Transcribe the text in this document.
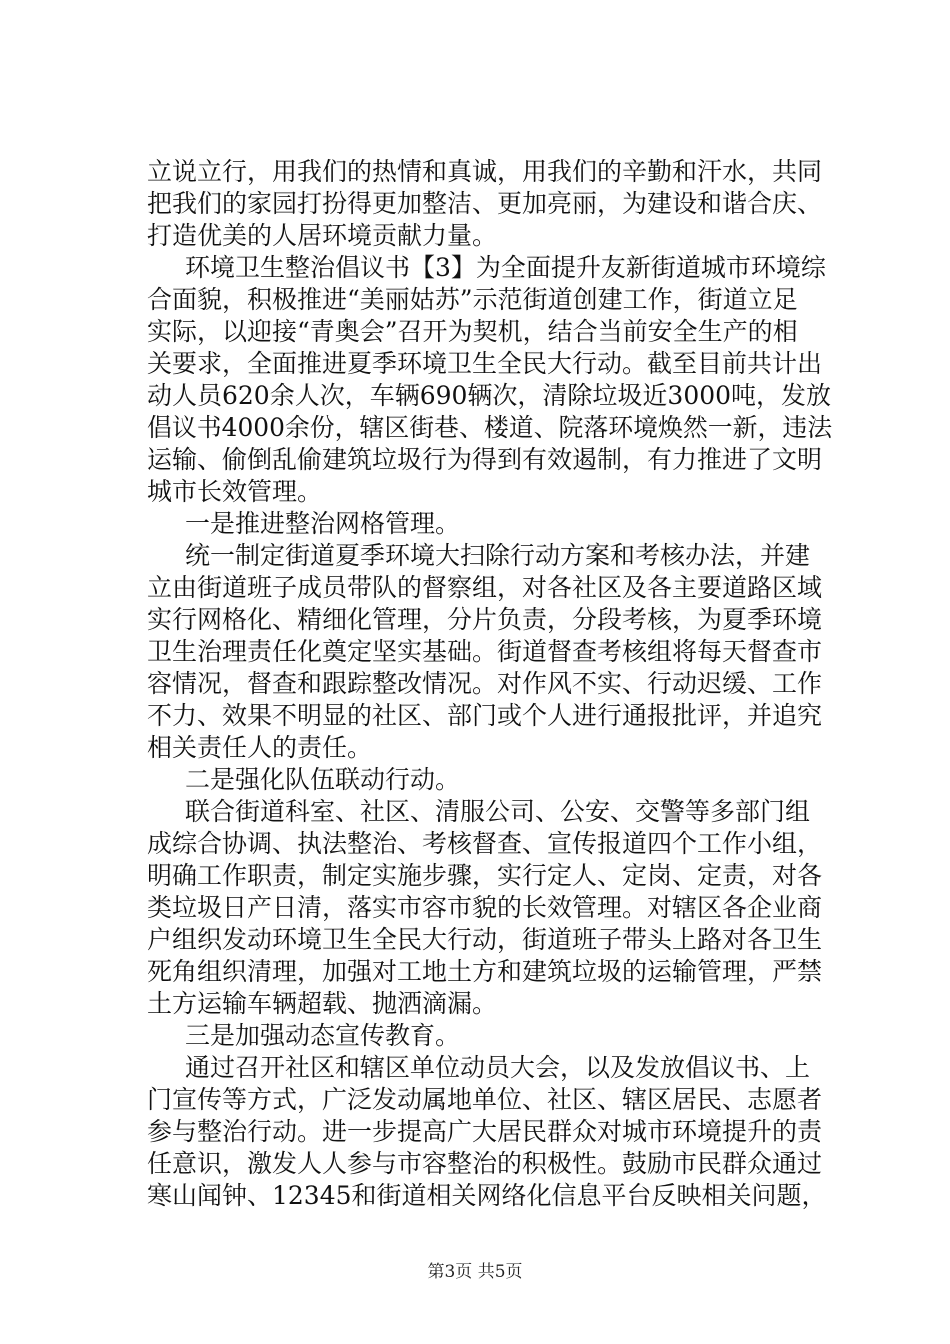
立说立行，用我们的热情和真诚，用我们的辛勤和汗水，共同
把我们的家园打扮得更加整洁、更加亮丽，为建设和谐合庆、
打造优美的人居环境贡献力量。
环境卫生整治倡议书【3】为全面提升友新街道城市环境综
合面貌，积极推进“美丽姑苏”示范街道创建工作，街道立足
实际，以迎接“青奥会”召开为契机，结合当前安全生产的相
关要求，全面推进夏季环境卫生全民大行动。截至目前共计出
动人员620余人次，车辆690辆次，清除垃圾近3000吨，发放
倡议书4000余份，辖区街巷、楼道、院落环境焕然一新，违法
运输、偷倒乱偷建筑垃圾行为得到有效遏制，有力推进了文明
城市长效管理。
一是推进整治网格管理。
统一制定街道夏季环境大扫除行动方案和考核办法，并建
立由街道班子成员带队的督察组，对各社区及各主要道路区域
实行网格化、精细化管理，分片负责，分段考核，为夏季环境
卫生治理责任化奠定坚实基础。街道督查考核组将每天督查市
容情况，督查和跟踪整改情况。对作风不实、行动迟缓、工作
不力、效果不明显的社区、部门或个人进行通报批评，并追究
相关责任人的责任。
二是强化队伍联动行动。
联合街道科室、社区、清服公司、公安、交警等多部门组
成综合协调、执法整治、考核督查、宣传报道四个工作小组，
明确工作职责，制定实施步骤，实行定人、定岗、定责，对各
类垃圾日产日清，落实市容市貌的长效管理。对辖区各企业商
户组织发动环境卫生全民大行动，街道班子带头上路对各卫生
死角组织清理，加强对工地土方和建筑垃圾的运输管理，严禁
土方运输车辆超载、抛洒滴漏。
三是加强动态宣传教育。
通过召开社区和辖区单位动员大会，以及发放倡议书、上
门宣传等方式，广泛发动属地单位、社区、辖区居民、志愿者
参与整治行动。进一步提高广大居民群众对城市环境提升的责
任意识，激发人人参与市容整治的积极性。鼓励市民群众通过
寒山闻钟、12345和街道相关网络化信息平台反映相关问题，
第3页 共5页
